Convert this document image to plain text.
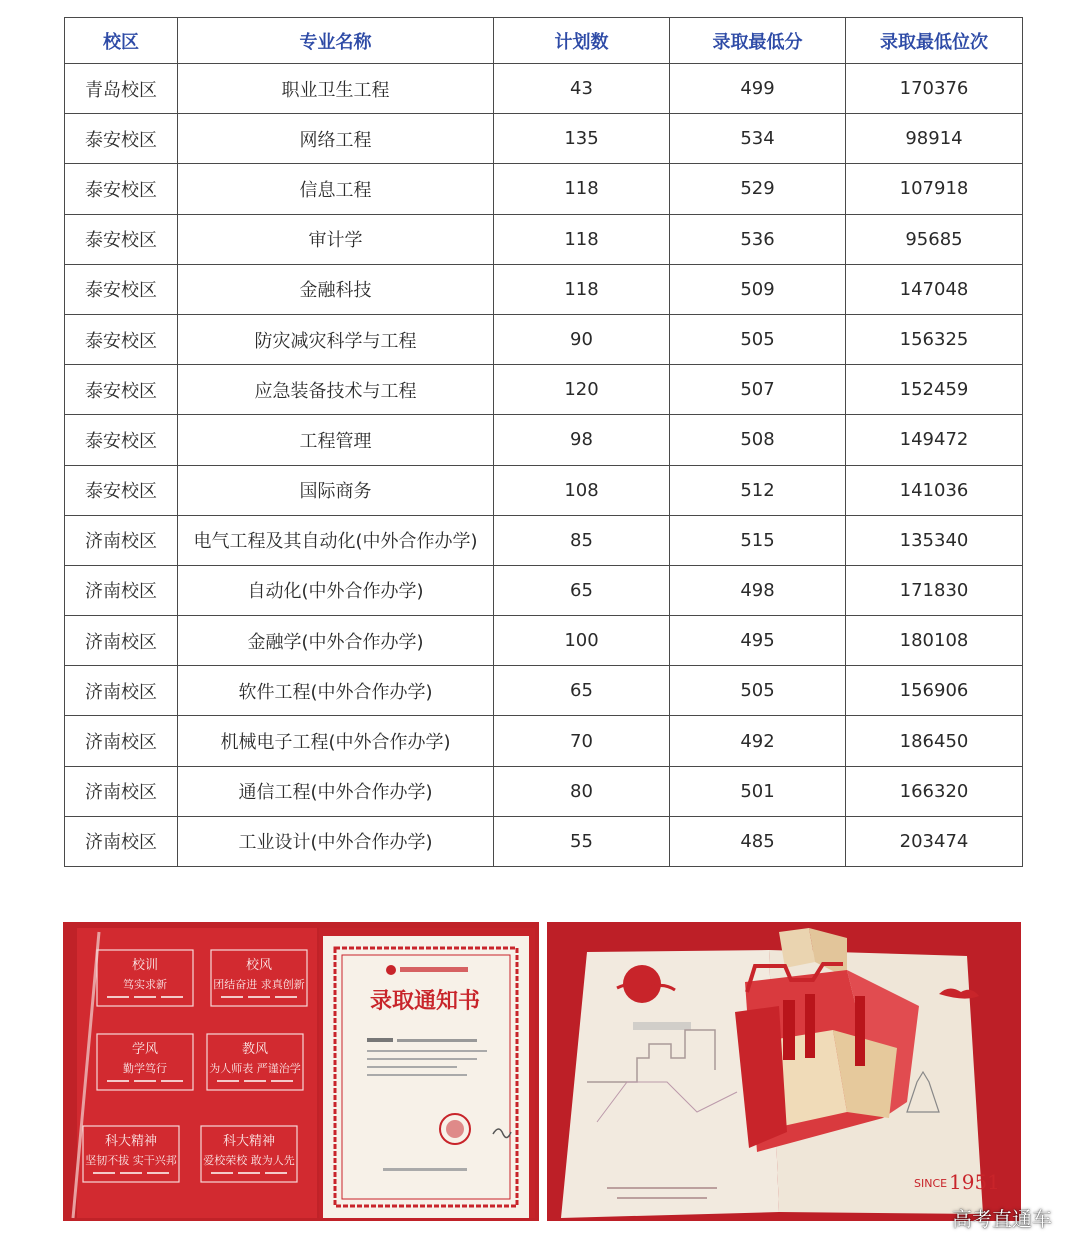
校区	专业名称	计划数	录取最低分	录取最低位次
青岛校区	职业卫生工程	43	499	170376
泰安校区	网络工程	135	534	98914
泰安校区	信息工程	118	529	107918
泰安校区	审计学	118	536	95685
泰安校区	金融科技	118	509	147048
泰安校区	防灾减灾科学与工程	90	505	156325
泰安校区	应急装备技术与工程	120	507	152459
泰安校区	工程管理	98	508	149472
泰安校区	国际商务	108	512	141036
济南校区	电气工程及其自动化(中外合作办学)	85	515	135340
济南校区	自动化(中外合作办学)	65	498	171830
济南校区	金融学(中外合作办学)	100	495	180108
济南校区	软件工程(中外合作办学)	65	505	156906
济南校区	机械电子工程(中外合作办学)	70	492	186450
济南校区	通信工程(中外合作办学)	80	501	166320
济南校区	工业设计(中外合作办学)	55	485	203474
校训
笃实求新
校风
团结奋进 求真创新
学风
勤学笃行
教风
为人师表 严谨治学
科大精神
坚韧不拔 实干兴邦
科大精神
爱校荣校 敢为人先
录取通知书
SINCE 1951
高考直通车
